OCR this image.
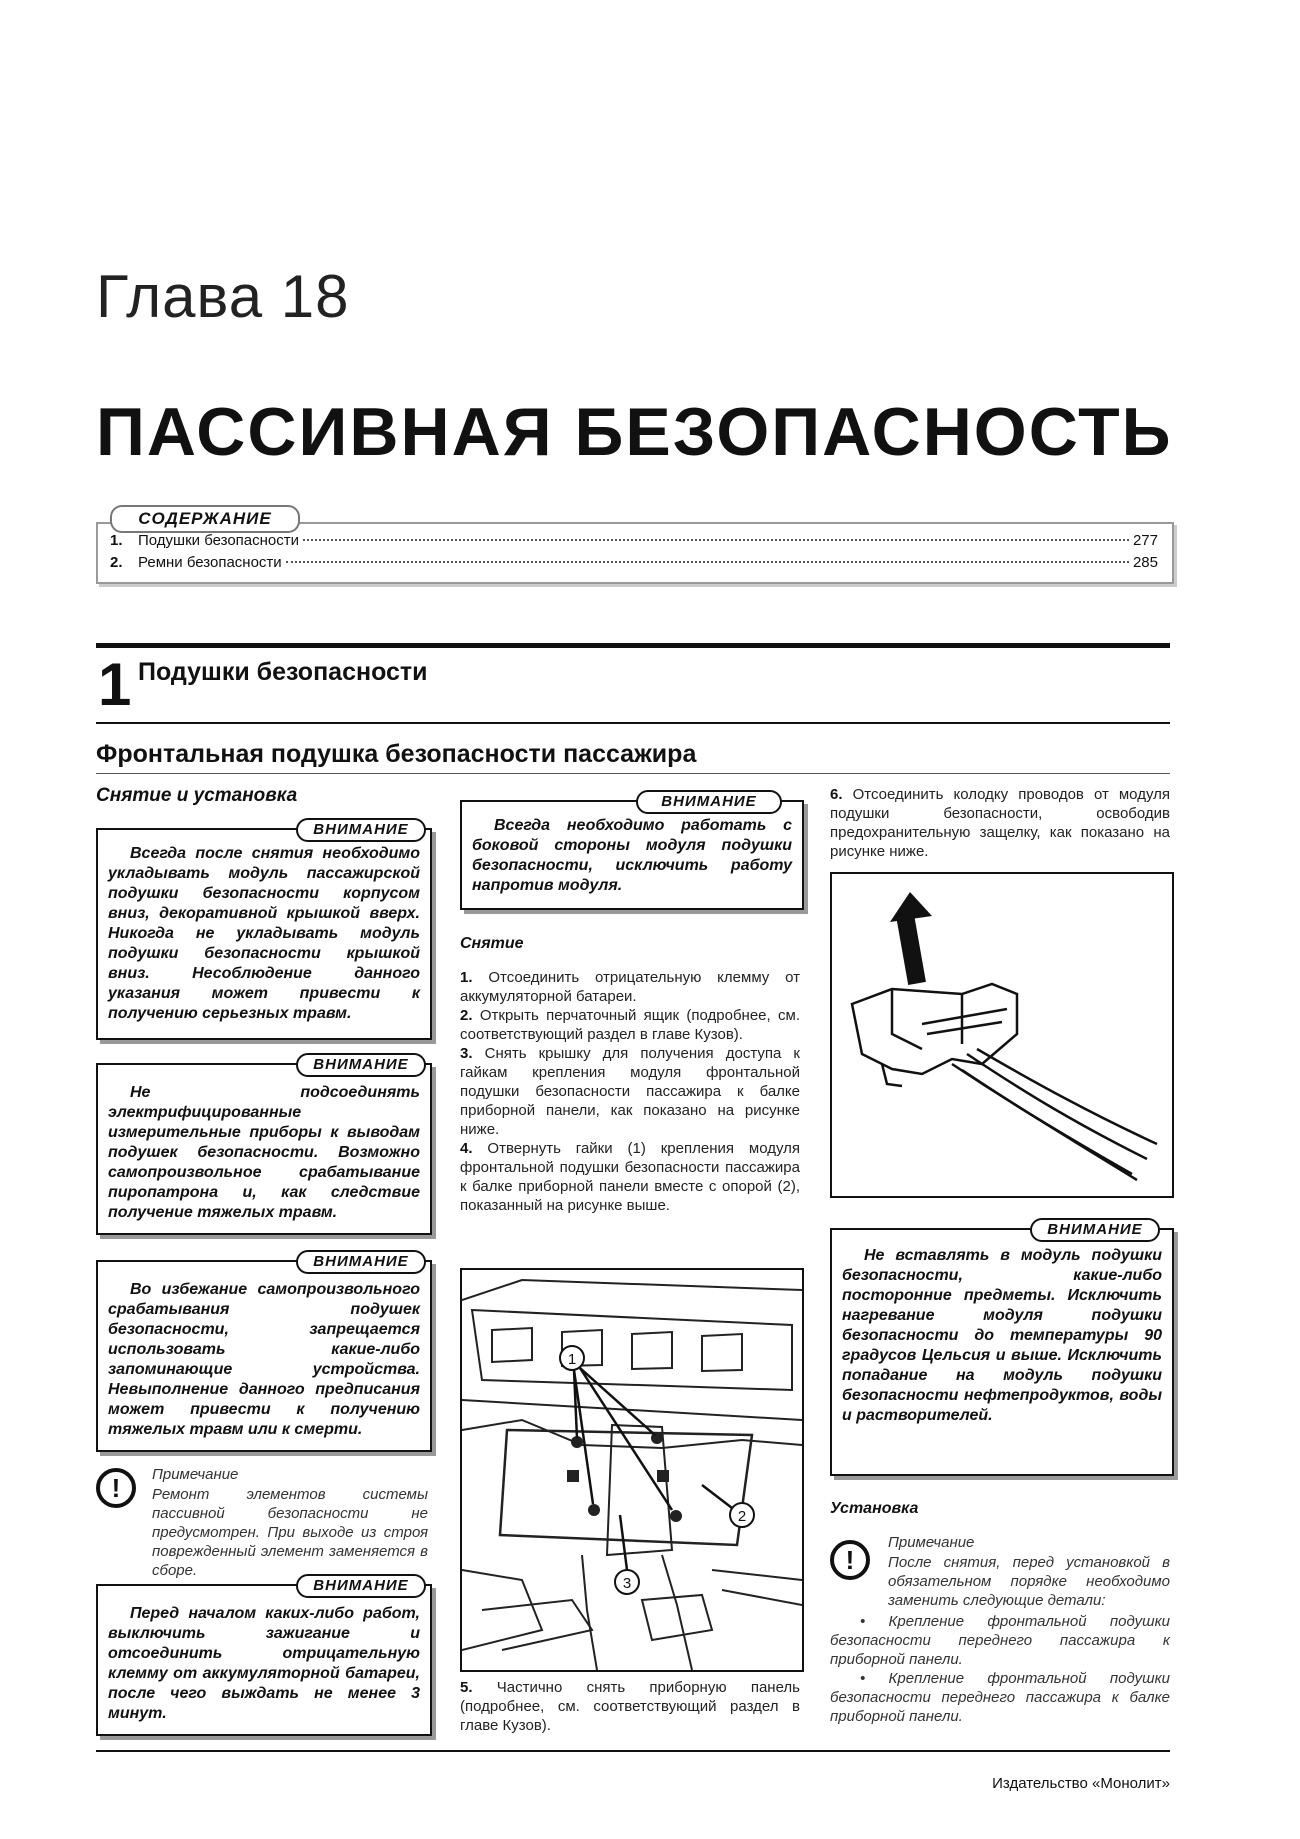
Глава 18
ПАССИВНАЯ БЕЗОПАСНОСТЬ
СОДЕРЖАНИЕ
1.	Подушки безопасности	277
2.	Ремни безопасности	285
1 Подушки безопасности
Фронтальная подушка безопасности пассажира
Снятие и установка
Всегда после снятия необходимо укладывать модуль пассажирской подушки безопасности корпусом вниз, декоративной крышкой вверх. Никогда не укладывать модуль подушки безопасности крышкой вниз. Несоблюдение данного указания может привести к получению серьезных травм.
ВНИМАНИЕ
Не подсоединять электрифицированные измерительные приборы к выводам подушек безопасности. Возможно самопроизвольное срабатывание пиропатрона и, как следствие получение тяжелых травм.
ВНИМАНИЕ
Во избежание самопроизвольного срабатывания подушек безопасности, запрещается использовать какие-либо запоминающие устройства. Невыполнение данного предписания может привести к получению тяжелых травм или к смерти.
ВНИМАНИЕ
!	Примечание
Ремонт элементов системы пассивной безопасности не предусмотрен. При выходе из строя поврежденный элемент заменяется в сборе.
Перед началом каких-либо работ, выключить зажигание и отсоединить отрицательную клемму от аккумуляторной батареи, после чего выждать не менее 3 минут.
ВНИМАНИЕ
Всегда необходимо работать с боковой стороны модуля подушки безопасности, исключить работу напротив модуля.
ВНИМАНИЕ
Снятие
1. Отсоединить отрицательную клемму от аккумуляторной батареи.
2. Открыть перчаточный ящик (подробнее, см. соответствующий раздел в главе Кузов).
3. Снять крышку для получения доступа к гайкам крепления модуля фронтальной подушки безопасности пассажира к балке приборной панели, как показано на рисунке ниже.
4. Отвернуть гайки (1) крепления модуля фронтальной подушки безопасности пассажира к балке приборной панели вместе с опорой (2), показанный на рисунке выше.
1
2
3
5. Частично снять приборную панель (подробнее, см. соответствующий раздел в главе Кузов).
6. Отсоединить колодку проводов от модуля подушки безопасности, освободив предохранительную защелку, как показано на рисунке ниже.
Не вставлять в модуль подушки безопасности, какие-либо посторонние предметы. Исключить нагревание модуля подушки безопасности до температуры 90 градусов Цельсия и выше. Исключить попадание на модуль подушки безопасности нефтепродуктов, воды и растворителей.
ВНИМАНИЕ
Установка
!
Примечание
После снятия, перед установкой в обязательном порядке необходимо заменить следующие детали:
• Крепление фронтальной подушки безопасности переднего пассажира к приборной панели.
• Крепление фронтальной подушки безопасности переднего пассажира к балке приборной панели.
Издательство «Монолит»
